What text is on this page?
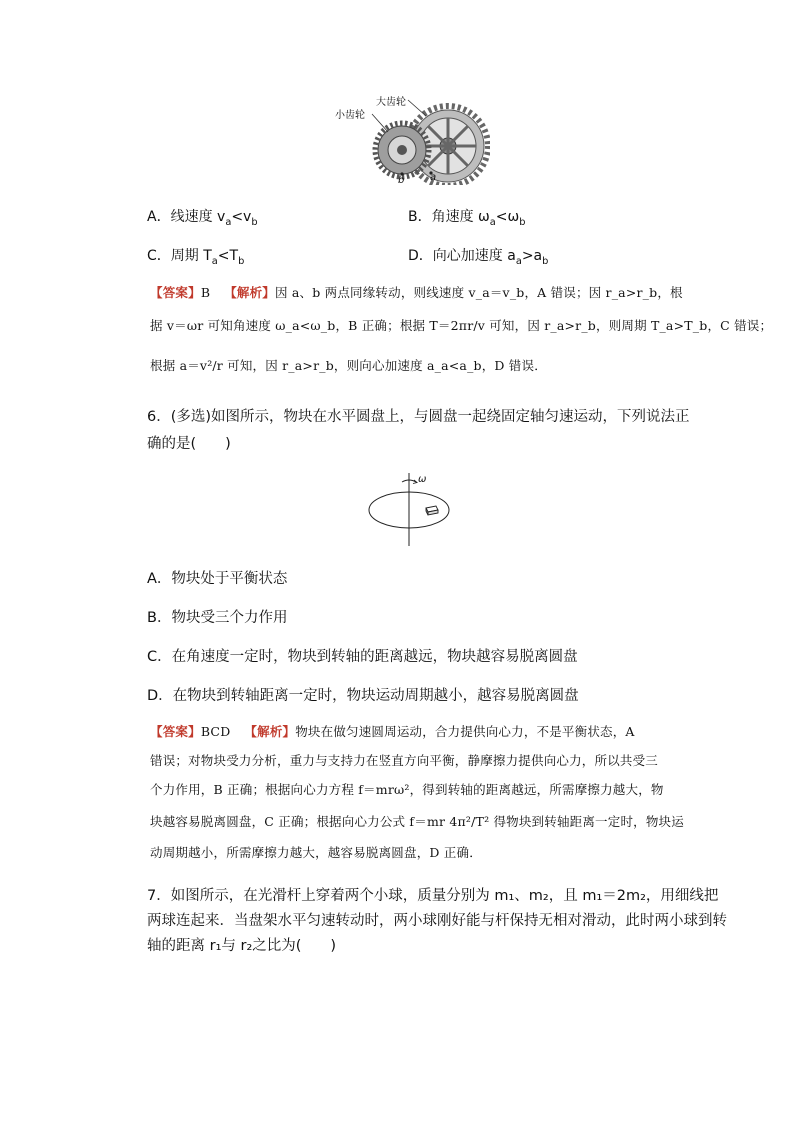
大齿轮
小齿轮
b	a
A．线速度 $v_a<v_b$	B．角速度 $\omega_a<\omega_b$
C．周期 $T_a<T_b$	D．向心加速度 $a_a>a_b$
【答案】B 【解析】因 a、b 两点同缘转动，则线速度 v_a＝v_b，A 错误；因 r_a>r_b，根
据 v＝ωr 可知角速度 ω_a<ω_b，B 正确；根据 T＝2πr/v 可知，因 r_a>r_b，则周期 T_a>T_b，C 错误；
根据 a＝v²/r 可知，因 r_a>r_b，则向心加速度 a_a<a_b，D 错误．
6．(多选)如图所示，物块在水平圆盘上，与圆盘一起绕固定轴匀速运动，下列说法正
确的是(　　)
ω
A．物块处于平衡状态
B．物块受三个力作用
C．在角速度一定时，物块到转轴的距离越远，物块越容易脱离圆盘
D．在物块到转轴距离一定时，物块运动周期越小，越容易脱离圆盘
【答案】BCD 【解析】物块在做匀速圆周运动，合力提供向心力，不是平衡状态，A
错误；对物块受力分析，重力与支持力在竖直方向平衡，静摩擦力提供向心力，所以共受三
个力作用，B 正确；根据向心力方程 f＝mrω²，得到转轴的距离越远，所需摩擦力越大，物
块越容易脱离圆盘，C 正确；根据向心力公式 f＝mr 4π²/T² 得物块到转轴距离一定时，物块运
动周期越小，所需摩擦力越大，越容易脱离圆盘，D 正确．
7．如图所示，在光滑杆上穿着两个小球，质量分别为 m₁、m₂，且 m₁＝2m₂，用细线把
两球连起来．当盘架水平匀速转动时，两小球刚好能与杆保持无相对滑动，此时两小球到转
轴的距离 r₁与 r₂之比为(　　)
